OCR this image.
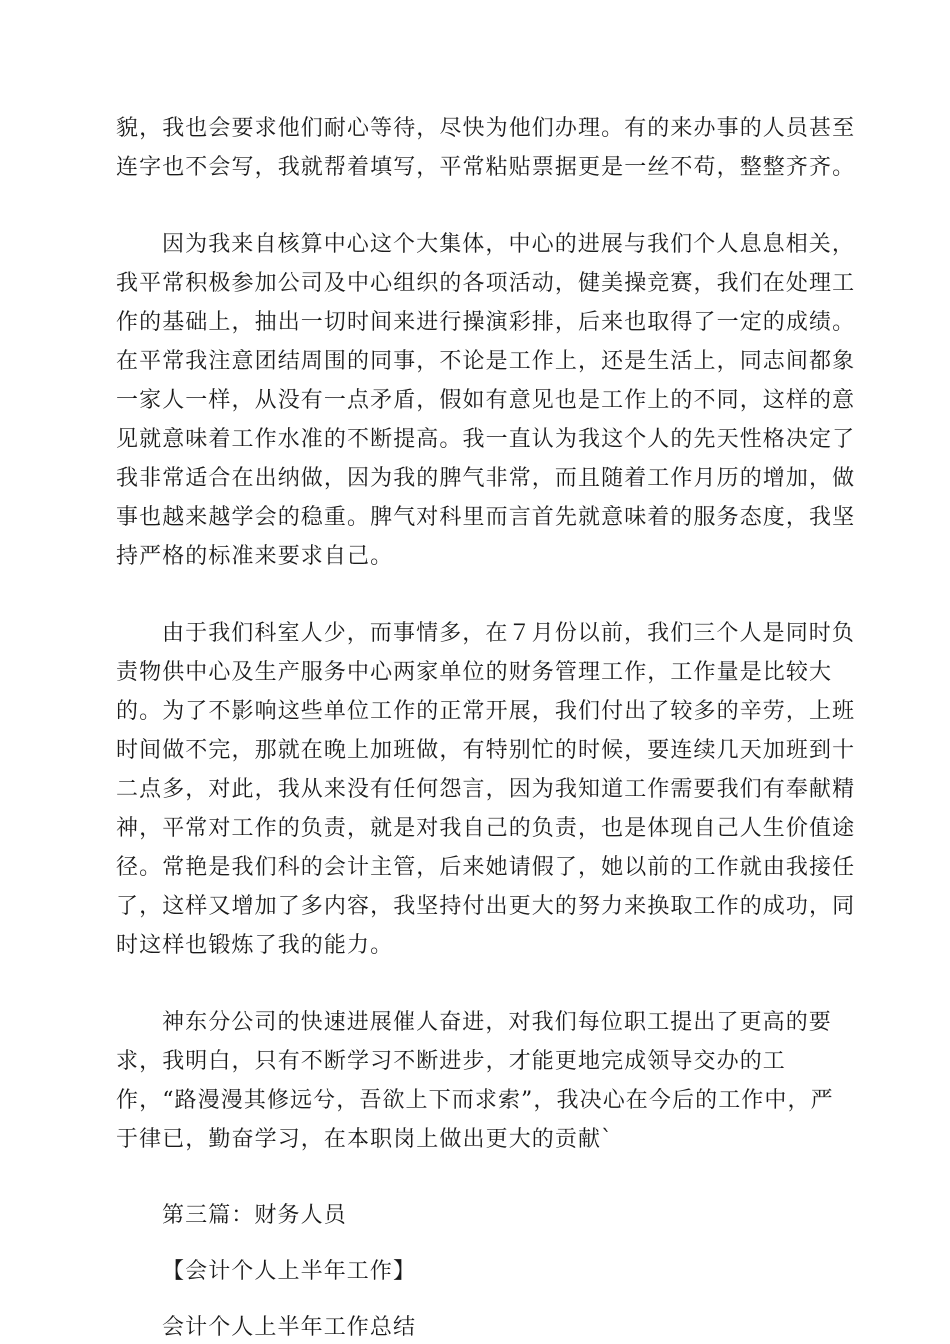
貌，我也会要求他们耐心等待，尽快为他们办理。有的来办事的人员甚至
连字也不会写，我就帮着填写，平常粘贴票据更是一丝不苟，整整齐齐。
因为我来自核算中心这个大集体，中心的进展与我们个人息息相关，
我平常积极参加公司及中心组织的各项活动，健美操竞赛，我们在处理工
作的基础上，抽出一切时间来进行操演彩排，后来也取得了一定的成绩。
在平常我注意团结周围的同事，不论是工作上，还是生活上，同志间都象
一家人一样，从没有一点矛盾，假如有意见也是工作上的不同，这样的意
见就意味着工作水准的不断提高。我一直认为我这个人的先天性格决定了
我非常适合在出纳做，因为我的脾气非常，而且随着工作月历的增加，做
事也越来越学会的稳重。脾气对科里而言首先就意味着的服务态度，我坚
持严格的标准来要求自己。
由于我们科室人少，而事情多，在７月份以前，我们三个人是同时负
责物供中心及生产服务中心两家单位的财务管理工作，工作量是比较大
的。为了不影响这些单位工作的正常开展，我们付出了较多的辛劳，上班
时间做不完，那就在晚上加班做，有特别忙的时候，要连续几天加班到十
二点多，对此，我从来没有任何怨言，因为我知道工作需要我们有奉献精
神，平常对工作的负责，就是对我自己的负责，也是体现自己人生价值途
径。常艳是我们科的会计主管，后来她请假了，她以前的工作就由我接任
了，这样又增加了多内容，我坚持付出更大的努力来换取工作的成功，同
时这样也锻炼了我的能力。
神东分公司的快速进展催人奋进，对我们每位职工提出了更高的要
求，我明白，只有不断学习不断进步，才能更地完成领导交办的工
作，“路漫漫其修远兮，吾欲上下而求索”，我决心在今后的工作中，严
于律已，勤奋学习，在本职岗上做出更大的贡献`
第三篇：财务人员
【会计个人上半年工作】
会计个人上半年工作总结
